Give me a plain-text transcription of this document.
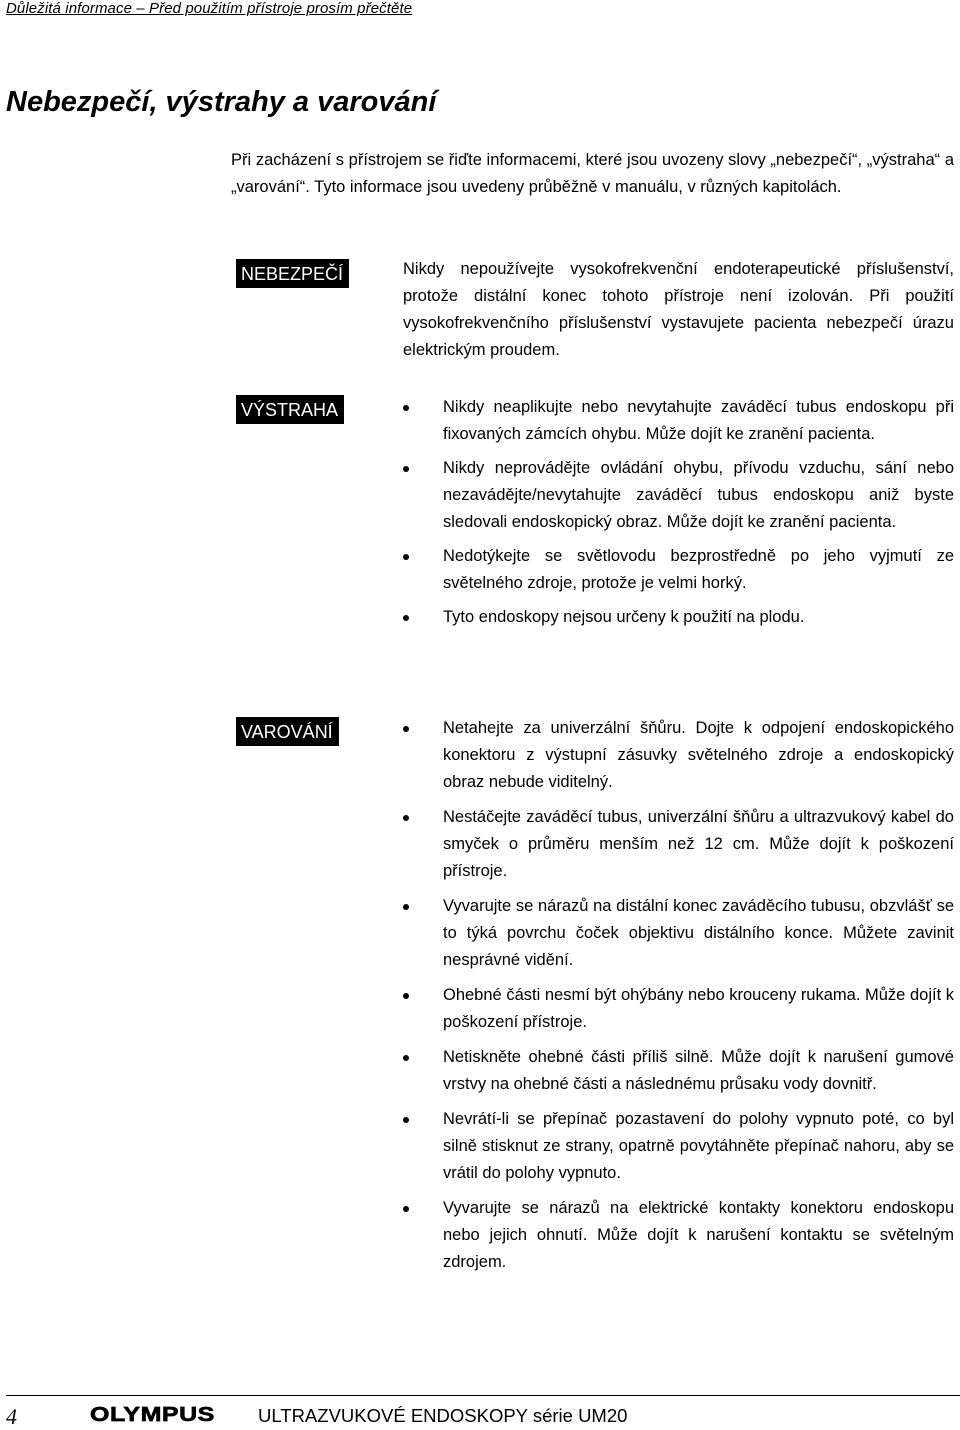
Důležitá informace – Před použitím přístroje prosím přečtěte
Nebezpečí, výstrahy a varování

Při zacházení s přístrojem se řiďte informacemi, které jsou uvozeny slovy „nebezpečí“, „výstraha“ a „varování“. Tyto informace jsou uvedeny průběžně v manuálu, v různých kapitolách.

NEBEZPEČÍ	Nikdy nepoužívejte vysokofrekvenční endoterapeutické příslušenství, protože distální konec tohoto přístroje není izolován. Při použití vysokofrekvenčního příslušenství vystavujete pacienta nebezpečí úrazu elektrickým proudem.

VÝSTRAHA	Nikdy neaplikujte nebo nevytahujte zaváděcí tubus endoskopu při fixovaných zámcích ohybu. Může dojít ke zranění pacienta.
Nikdy neprovádějte ovládání ohybu, přívodu vzduchu, sání nebo nezavádějte/nevytahujte zaváděcí tubus endoskopu aniž byste sledovali endoskopický obraz. Může dojít ke zranění pacienta.
Nedotýkejte se světlovodu bezprostředně po jeho vyjmutí ze světelného zdroje, protože je velmi horký.
Tyto endoskopy nejsou určeny k použití na plodu.
VAROVÁNÍ	Netahejte za univerzální šňůru. Dojte k odpojení endoskopického konektoru z výstupní zásuvky světelného zdroje a endoskopický obraz nebude viditelný.
Nestáčejte zaváděcí tubus, univerzální šňůru a ultrazvukový kabel do smyček o průměru menším než 12 cm. Může dojít k poškození přístroje.
Vyvarujte se nárazů na distální konec zaváděcího tubusu, obzvlášť se to týká povrchu čoček objektivu distálního konce. Můžete zavinit nesprávné vidění.
Ohebné části nesmí být ohýbány nebo krouceny rukama. Může dojít k poškození přístroje.
Netiskněte ohebné části příliš silně. Může dojít k narušení gumové vrstvy na ohebné části a následnému průsaku vody dovnitř.
Nevrátí-li se přepínač pozastavení do polohy vypnuto poté, co byl silně stisknut ze strany, opatrně povytáhněte přepínač nahoru, aby se vrátil do polohy vypnuto.
Vyvarujte se nárazů na elektrické kontakty konektoru endoskopu nebo jejich ohnutí. Může dojít k narušení kontaktu se světelným zdrojem.
4	OLYMPUS ULTRAZVUKOVÉ ENDOSKOPY série UM20
